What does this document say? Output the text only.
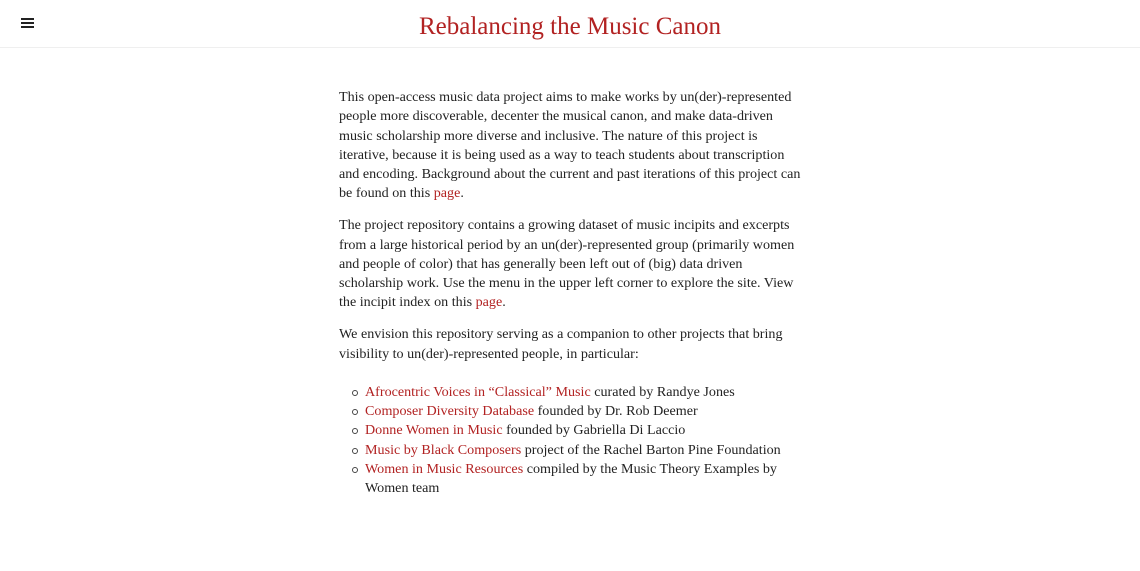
Rebalancing the Music Canon

This open-access music data project aims to make works by un(der)-represented people more discoverable, decenter the musical canon, and make data-driven music scholarship more diverse and inclusive. The nature of this project is iterative, because it is being used as a way to teach students about transcription and encoding. Background about the current and past iterations of this project can be found on this page.

The project repository contains a growing dataset of music incipits and excerpts from a large historical period by an un(der)-represented group (primarily women and people of color) that has generally been left out of (big) data driven scholarship work. Use the menu in the upper left corner to explore the site. View the incipit index on this page.

We envision this repository serving as a companion to other projects that bring visibility to un(der)-represented people, in particular:

Afrocentric Voices in “Classical” Music curated by Randye Jones
Composer Diversity Database founded by Dr. Rob Deemer
Donne Women in Music founded by Gabriella Di Laccio
Music by Black Composers project of the Rachel Barton Pine Foundation
Women in Music Resources compiled by the Music Theory Examples by Women team
